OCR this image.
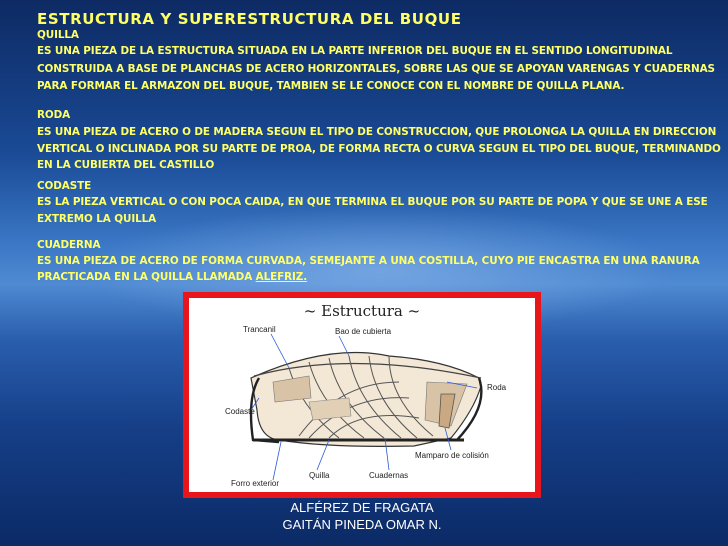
ESTRUCTURA Y SUPERESTRUCTURA DEL BUQUE
QUILLA
ES UNA PIEZA DE LA ESTRUCTURA SITUADA EN LA PARTE INFERIOR DEL BUQUE EN EL SENTIDO LONGITUDINAL
CONSTRUIDA A BASE DE PLANCHAS DE ACERO HORIZONTALES, SOBRE LAS QUE SE APOYAN VARENGAS Y CUADERNAS
PARA FORMAR EL ARMAZON DEL BUQUE, TAMBIEN SE LE CONOCE CON EL NOMBRE DE QUILLA PLANA.
RODA
ES UNA PIEZA DE ACERO O DE MADERA SEGUN EL TIPO DE CONSTRUCCION, QUE PROLONGA LA QUILLA EN DIRECCION
VERTICAL O INCLINADA POR SU PARTE DE PROA, DE FORMA RECTA O CURVA SEGUN EL TIPO DEL BUQUE, TERMINANDO
EN LA CUBIERTA DEL CASTILLO
CODASTE
ES LA PIEZA VERTICAL O CON POCA CAIDA, EN QUE TERMINA EL BUQUE POR SU PARTE DE POPA Y QUE SE UNE A ESE
EXTREMO LA QUILLA
CUADERNA
ES UNA PIEZA DE ACERO DE FORMA CURVADA, SEMEJANTE A UNA COSTILLA, CUYO PIE ENCASTRA EN UNA RANURA
PRACTICADA EN LA QUILLA LLAMADA ALEFRIZ.
~ Estructura ~
Trancanil	Bao de cubierta
Roda
Codaste
Quilla	Cuadernas
Mamparo de colisión
Forro exterior
ALFÉREZ DE FRAGATA
GAITÁN PINEDA OMAR N.
